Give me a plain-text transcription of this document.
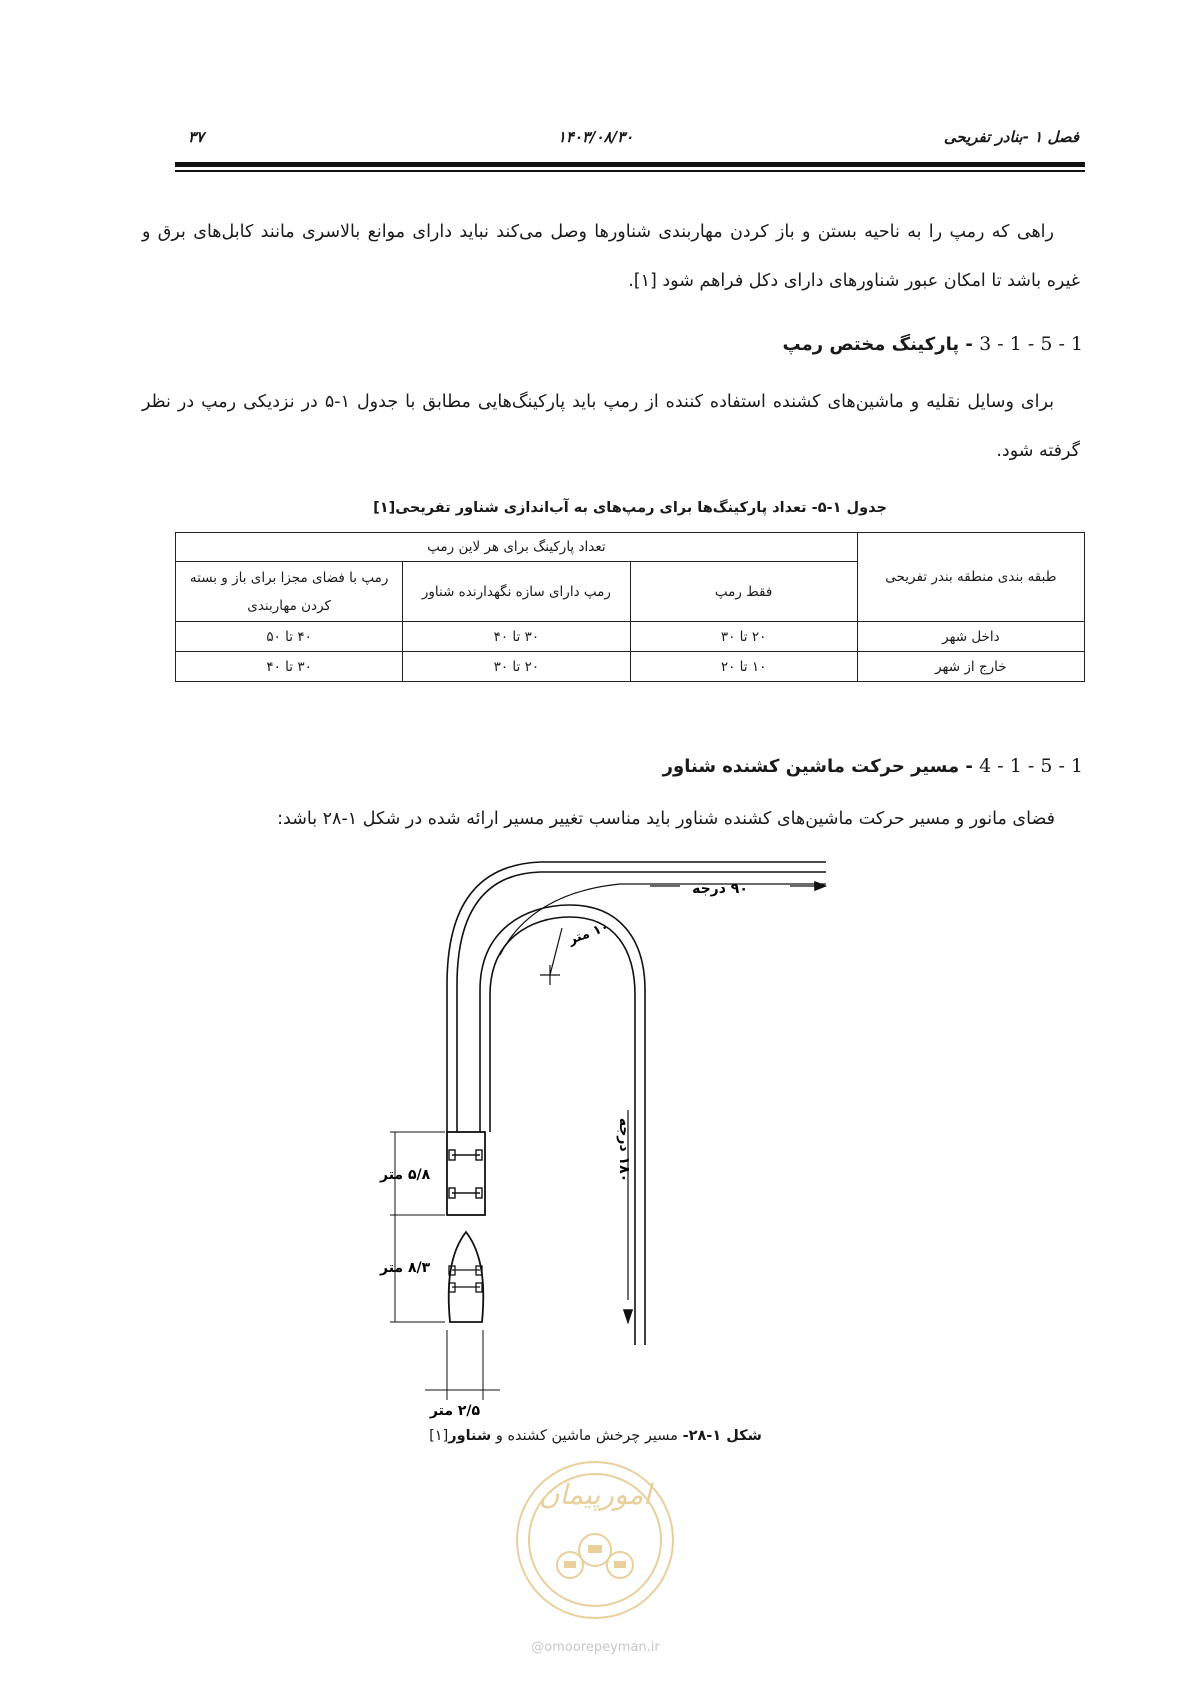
۳۷	۱۴۰۳/۰۸/۳۰	فصل ۱ -بنادر تفریحی
راهی که رمپ را به ناحیه بستن و باز کردن مهاربندی شناورها وصل می‌کند نباید دارای موانع بالاسری مانند کابل‌های برق و غیره باشد تا امکان عبور شناورهای دارای دکل فراهم شود [۱].
1 - 5 - 1 - 3 - پارکینگ مختص رمپ
برای وسایل نقلیه و ماشین‌های کشنده استفاده کننده از رمپ باید پارکینگ‌هایی مطابق با جدول ۱-۵ در نزدیکی رمپ در نظر گرفته شود.
جدول ۱-۵- تعداد پارکینگ‌ها برای رمپ‌های به آب‌اندازی شناور تفریحی[۱]
طبقه بندی منطقه بندر تفریحی	تعداد پارکینگ برای هر لاین رمپ		
	فقط رمپ	رمپ دارای سازه نگهدارنده شناور	رمپ با فضای مجزا برای باز و بسته کردن مهاربندی
داخل شهر	۲۰ تا ۳۰	۳۰ تا ۴۰	۴۰ تا ۵۰
خارج از شهر	۱۰ تا ۲۰	۲۰ تا ۳۰	۳۰ تا ۴۰
1 - 5 - 1 - 4 - مسیر حرکت ماشین کشنده شناور
فضای مانور و مسیر حرکت ماشین‌های کشنده شناور باید مناسب تغییر مسیر ارائه شده در شکل ۱-۲۸ باشد:
۹۰ درجه
۱۰ متر
۱۸۰ درجه
۵/۸ متر
۸/۳ متر
۲/۵ متر
شکل ۱-۲۸- مسیر چرخش ماشین کشنده و شناور[۱]
امورپیمان
@omoorepeyman.ir
